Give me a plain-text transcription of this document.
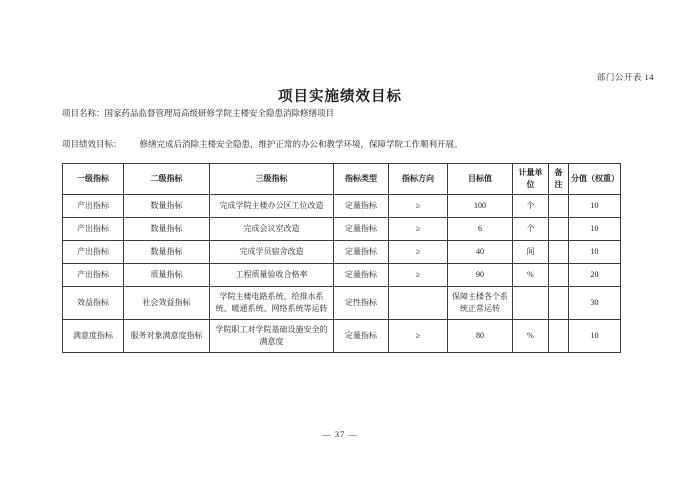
部门公开表 14
项目实施绩效目标
项目名称：国家药品监督管理局高级研修学院主楼安全隐患消除修缮项目
项目绩效目标： 修缮完成后消除主楼安全隐患，维护正常的办公和教学环境，保障学院工作顺利开展。
一级指标	二级指标	三级指标	指标类型	指标方向	目标值	计量单位	备注	分值（权重）
产出指标	数量指标	完成学院主楼办公区工位改造	定量指标	≥	100	个		10
产出指标	数量指标	完成会议室改造	定量指标	≥	6	个		10
产出指标	数量指标	完成学员宿舍改造	定量指标	≥	40	间		10
产出指标	质量指标	工程质量验收合格率	定量指标	≥	90	%		20
效益指标	社会效益指标	学院主楼电路系统、给排水系统、暖通系统、网络系统等运转	定性指标		保障主楼各个系统正常运转			30
满意度指标	服务对象满意度指标	学院职工对学院基础设施安全的满意度	定量指标	≥	80	%		10
— 37 —
